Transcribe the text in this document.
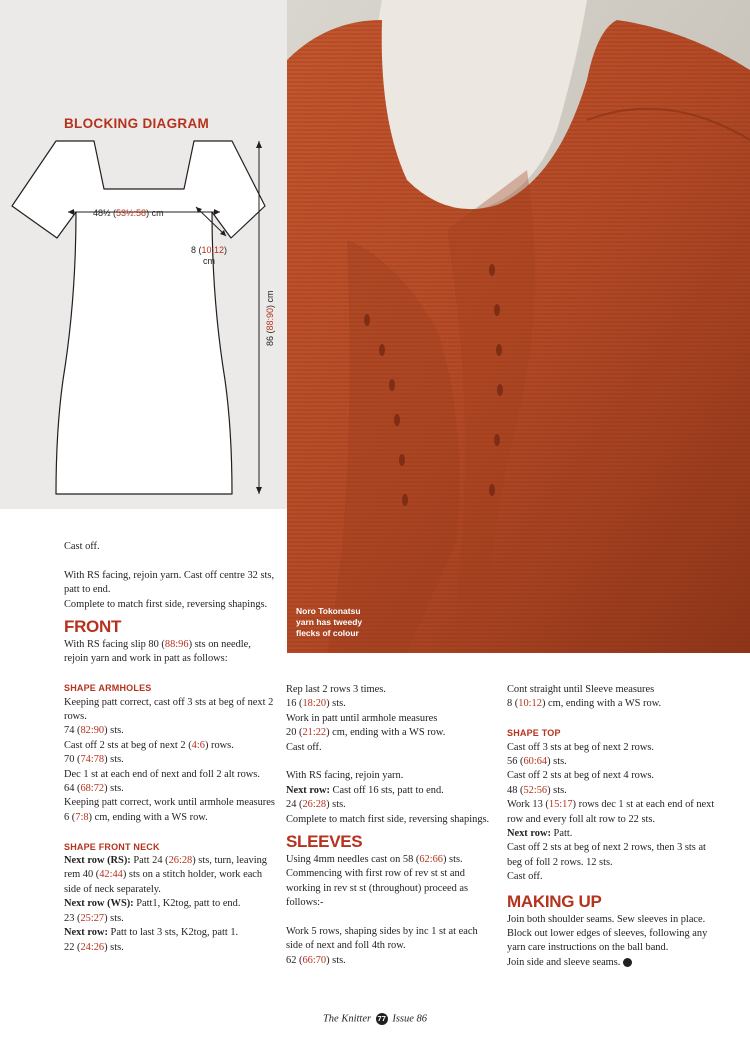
BLOCKING DIAGRAM
48½ (53½:58) cm
8 (10:12)
cm
86 (88:90) cm
Noro Tokonatsu yarn has tweedy flecks of colour

Cast off.

With RS facing, rejoin yarn. Cast off centre 32 sts, patt to end.

Complete to match first side, reversing shapings.

FRONT

With RS facing slip 80 (88:96) sts on needle, rejoin yarn and work in patt as follows:

SHAPE ARMHOLES

Keeping patt correct, cast off 3 sts at beg of next 2 rows.

74 (82:90) sts.

Cast off 2 sts at beg of next 2 (4:6) rows.

70 (74:78) sts.

Dec 1 st at each end of next and foll 2 alt rows.

64 (68:72) sts.

Keeping patt correct, work until armhole measures 6 (7:8) cm, ending with a WS row.

SHAPE FRONT NECK

Next row (RS): Patt 24 (26:28) sts, turn, leaving rem 40 (42:44) sts on a stitch holder, work each side of neck separately.

Next row (WS): Patt1, K2tog, patt to end.

23 (25:27) sts.

Next row: Patt to last 3 sts, K2tog, patt 1.

22 (24:26) sts.

Rep last 2 rows 3 times.

16 (18:20) sts.

Work in patt until armhole measures

20 (21:22) cm, ending with a WS row.

Cast off.

With RS facing, rejoin yarn.

Next row: Cast off 16 sts, patt to end.

24 (26:28) sts.

Complete to match first side, reversing shapings.

SLEEVES

Using 4mm needles cast on 58 (62:66) sts.

Commencing with first row of rev st st and working in rev st st (throughout) proceed as follows:-

Work 5 rows, shaping sides by inc 1 st at each side of next and foll 4th row.

62 (66:70) sts.

Cont straight until Sleeve measures

8 (10:12) cm, ending with a WS row.

SHAPE TOP

Cast off 3 sts at beg of next 2 rows.

56 (60:64) sts.

Cast off 2 sts at beg of next 4 rows.

48 (52:56) sts.

Work 13 (15:17) rows dec 1 st at each end of next row and every foll alt row to 22 sts.

Next row: Patt.

Cast off 2 sts at beg of next 2 rows, then 3 sts at beg of foll 2 rows. 12 sts.

Cast off.

MAKING UP

Join both shoulder seams. Sew sleeves in place. Block out lower edges of sleeves, following any yarn care instructions on the ball band.

Join side and sleeve seams.

The Knitter 77 Issue 86
